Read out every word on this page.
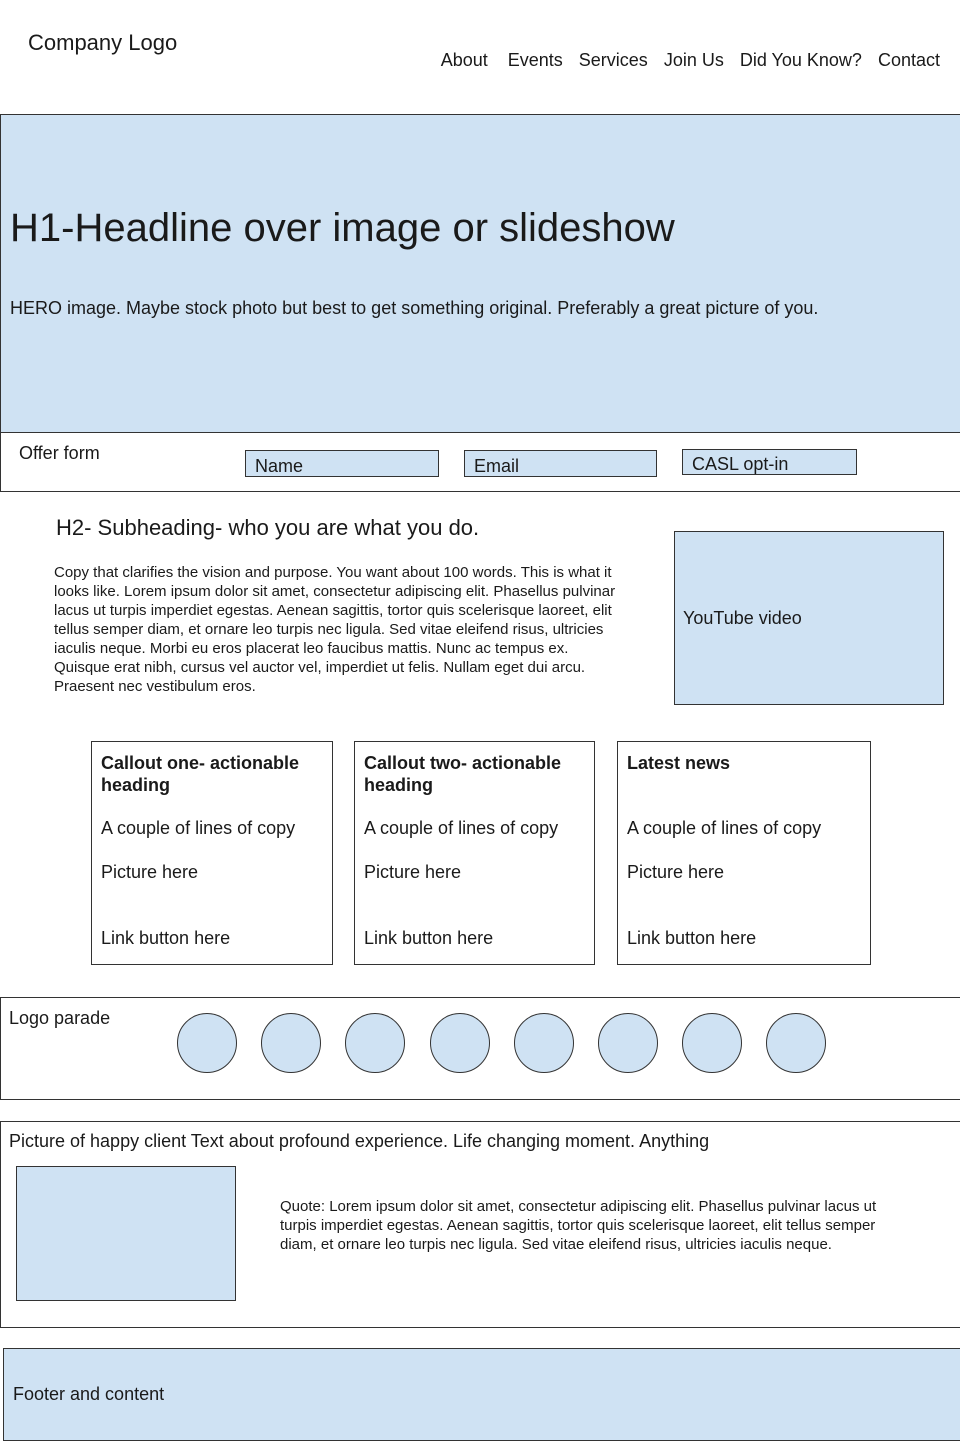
Company Logo
About Events Services Join Us Did You Know? Contact
H1-Headline over image or slideshow
HERO image. Maybe stock photo but best to get something original. Preferably a great picture of you.
Offer form
Name	Email	CASL opt-in
H2- Subheading- who you are what you do.

Copy that clarifies the vision and purpose. You want about 100 words. This is what it looks like. Lorem ipsum dolor sit amet, consectetur adipiscing elit. Phasellus pulvinar lacus ut turpis imperdiet egestas. Aenean sagittis, tortor quis scelerisque laoreet, elit tellus semper diam, et ornare leo turpis nec ligula. Sed vitae eleifend risus, ultricies iaculis neque. Morbi eu eros placerat leo faucibus mattis. Nunc ac tempus ex. Quisque erat nibh, cursus vel auctor vel, imperdiet ut felis. Nullam eget dui arcu. Praesent nec vestibulum eros.

YouTube video
Callout one- actionable heading
A couple of lines of copy
Picture here
Link button here
Callout two- actionable heading
A couple of lines of copy
Picture here
Link button here
Latest news
A couple of lines of copy
Picture here
Link button here
Logo parade
Picture of happy client Text about profound experience. Life changing moment. Anything

Quote: Lorem ipsum dolor sit amet, consectetur adipiscing elit. Phasellus pulvinar lacus ut turpis imperdiet egestas. Aenean sagittis, tortor quis scelerisque laoreet, elit tellus semper diam, et ornare leo turpis nec ligula. Sed vitae eleifend risus, ultricies iaculis neque.

Footer and content
